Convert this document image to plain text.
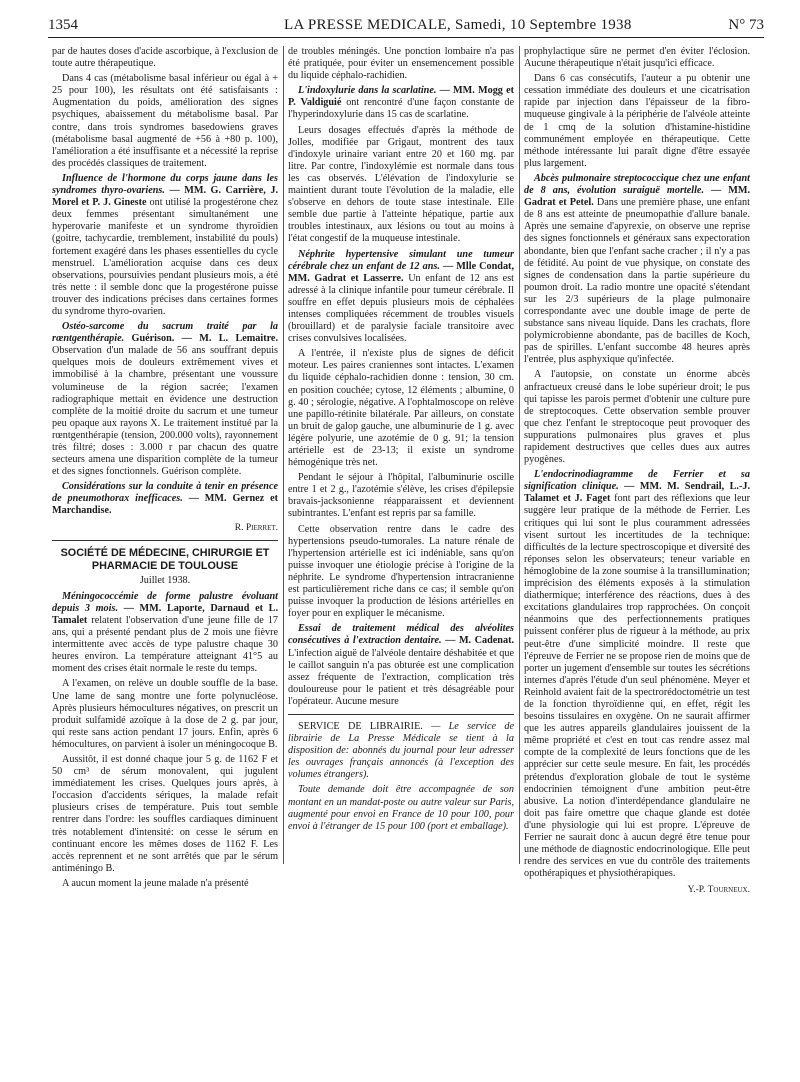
1354	LA PRESSE MEDICALE, Samedi, 10 Septembre 1938	N° 73

par de hautes doses d'acide ascorbique, à l'exclusion de toute autre thérapeutique.

Dans 4 cas (métabolisme basal inférieur ou égal à + 25 pour 100), les résultats ont été satisfaisants : Augmentation du poids, amélioration des signes psychiques, abaissement du métabolisme basal. Par contre, dans trois syndromes basedowiens graves (métabolisme basal augmenté de +56 à +80 p. 100), l'amélioration a été insuffisante et a nécessité la reprise des procédés classiques de traitement.

Influence de l'hormone du corps jaune dans les syndromes thyro-ovariens. — MM. G. Carrière, J. Morel et P. J. Gineste ont utilisé la progestérone chez deux femmes présentant simultanément une hyperovarie manifeste et un syndrome thyroïdien (goitre, tachycardie, tremblement, instabilité du pouls) fortement exagéré dans les phases essentielles du cycle menstruel. L'amélioration acquise dans ces deux observations, poursuivies pendant plusieurs mois, a été très nette : il semble donc que la progestérone puisse trouver des indications précises dans certaines formes du syndrome thyro-ovarien.

Ostéo-sarcome du sacrum traité par la rœntgenthérapie. Guérison. — M. L. Lemaitre. Observation d'un malade de 56 ans souffrant depuis quelques mois de douleurs extrêmement vives et immobilisé à la chambre, présentant une voussure volumineuse de la région sacrée; l'examen radiographique mettait en évidence une destruction complète de la moitié droite du sacrum et une tumeur peu opaque aux rayons X. Le traitement institué par la rœntgenthérapie (tension, 200.000 volts), rayonnement très filtré; doses : 3.000 r par chacun des quatre secteurs amena une disparition complète de la tumeur et des signes fonctionnels. Guérison complète.

Considérations sur la conduite à tenir en présence de pneumothorax inefficaces. — MM. Gernez et Marchandise.

R. Pierret.

SOCIÉTÉ DE MÉDECINE, CHIRURGIE ET PHARMACIE DE TOULOUSE

Juillet 1938.

Méningococcémie de forme palustre évoluant depuis 3 mois. — MM. Laporte, Darnaud et L. Tamalet relatent l'observation d'une jeune fille de 17 ans, qui a présenté pendant plus de 2 mois une fièvre intermittente avec accès de type palustre chaque 30 heures environ. La température atteignant 41°5 au moment des crises était normale le reste du temps.

A l'examen, on relève un double souffle de la base. Une lame de sang montre une forte polynucléose. Après plusieurs hémocultures négatives, on prescrit un produit sulfamidé azoïque à la dose de 2 g. par jour, qui reste sans action pendant 17 jours. Enfin, après 6 hémocultures, on parvient à isoler un méningocoque B.

Aussitôt, il est donné chaque jour 5 g. de 1162 F et 50 cm³ de sérum monovalent, qui jugulent immédiatement les crises. Quelques jours après, à l'occasion d'accidents sériques, la malade refait plusieurs crises de température. Puis tout semble rentrer dans l'ordre: les souffles cardiaques diminuent très notablement d'intensité: on cesse le sérum en continuant encore les mêmes doses de 1162 F. Les accès reprennent et ne sont arrêtés que par le sérum antiméningo B.

A aucun moment la jeune malade n'a présenté

de troubles méningés. Une ponction lombaire n'a pas été pratiquée, pour éviter un ensemencement possible du liquide céphalo-rachidien.

L'indoxylurie dans la scarlatine. — MM. Mogg et P. Valdiguié ont rencontré d'une façon constante de l'hyperindoxylurie dans 15 cas de scarlatine.

Leurs dosages effectués d'après la méthode de Jolles, modifiée par Grigaut, montrent des taux d'indoxyle urinaire variant entre 20 et 160 mg. par litre. Par contre, l'indoxylémie est normale dans tous les cas observés. L'élévation de l'indoxylurie se maintient durant toute l'évolution de la maladie, elle s'observe en dehors de toute stase intestinale. Elle semble due partie à l'atteinte hépatique, partie aux troubles intestinaux, aux lésions ou tout au moins à l'état congestif de la muqueuse intestinale.

Néphrite hypertensive simulant une tumeur cérébrale chez un enfant de 12 ans. — Mlle Condat, MM. Gadrat et Lasserre. Un enfant de 12 ans est adressé à la clinique infantile pour tumeur cérébrale. Il souffre en effet depuis plusieurs mois de céphalées intenses compliquées récemment de troubles visuels (brouillard) et de paralysie faciale transitoire avec crises convulsives localisées.

A l'entrée, il n'existe plus de signes de déficit moteur. Les paires craniennes sont intactes. L'examen du liquide céphalo-rachidien donne : tension, 30 cm. en position couchée; cytose, 12 éléments ; albumine, 0 g. 40 ; sérologie, négative. A l'ophtalmoscope on relève une papillo-rétinite bilatérale. Par ailleurs, on constate un bruit de galop gauche, une albuminurie de 1 g. avec légère polyurie, une azotémie de 0 g. 91; la tension artérielle est de 23-13; il existe un syndrome hémogénique très net.

Pendant le séjour à l'hôpital, l'albuminurie oscille entre 1 et 2 g., l'azotémie s'élève, les crises d'épilepsie bravais-jacksonienne réapparaissent et deviennent subintrantes. L'enfant est repris par sa famille.

Cette observation rentre dans le cadre des hypertensions pseudo-tumorales. La nature rénale de l'hypertension artérielle est ici indéniable, sans qu'on puisse invoquer une étiologie précise à l'origine de la néphrite. Le syndrome d'hypertension intracranienne est particulièrement riche dans ce cas; il semble qu'on puisse invoquer la production de lésions artérielles en foyer pour en expliquer le mécanisme.

Essai de traitement médical des alvéolites consécutives à l'extraction dentaire. — M. Cadenat. L'infection aiguë de l'alvéole dentaire déshabitée et que le caillot sanguin n'a pas obturée est une complication assez fréquente de l'extraction, complication très douloureuse pour le patient et très désagréable pour l'opérateur. Aucune mesure

SERVICE DE LIBRAIRIE. — Le service de librairie de La Presse Médicale se tient à la disposition de: abonnés du journal pour leur adresser les ouvrages français annoncés (à l'exception des volumes étrangers).

Toute demande doit être accompagnée de son montant en un mandat-poste ou autre valeur sur Paris, augmenté pour envoi en France de 10 pour 100, pour envoi à l'étranger de 15 pour 100 (port et emballage).

prophylactique sûre ne permet d'en éviter l'éclosion. Aucune thérapeutique n'était jusqu'ici efficace.

Dans 6 cas consécutifs, l'auteur a pu obtenir une cessation immédiate des douleurs et une cicatrisation rapide par injection dans l'épaisseur de la fibro-muqueuse gingivale à la périphérie de l'alvéole atteinte de 1 cmq de la solution d'histamine-histidine communément employée en thérapeutique. Cette méthode intéressante lui paraît digne d'être essayée plus largement.

Abcès pulmonaire streptococcique chez une enfant de 8 ans, évolution suraiguë mortelle. — MM. Gadrat et Petel. Dans une première phase, une enfant de 8 ans est atteinte de pneumopathie d'allure banale. Après une semaine d'apyrexie, on observe une reprise des signes fonctionnels et généraux sans expectoration abondante, bien que l'enfant sache cracher ; il n'y a pas de fétidité. Au point de vue physique, on constate des signes de condensation dans la partie supérieure du poumon droit. La radio montre une opacité s'étendant sur les 2/3 supérieurs de la plage pulmonaire correspondante avec une double image de perte de substance sans niveau liquide. Dans les crachats, flore polymicrobienne abondante, pas de bacilles de Koch, pas de spirilles. L'enfant succombe 48 heures après l'entrée, plus asphyxique qu'infectée.

A l'autopsie, on constate un énorme abcès anfractueux creusé dans le lobe supérieur droit; le pus qui tapisse les parois permet d'obtenir une culture pure de streptocoques. Cette observation semble prouver que chez l'enfant le streptocoque peut provoquer des suppurations pulmonaires plus graves et plus rapidement destructives que celles dues aux autres pyogènes.

L'endocrinodiagramme de Ferrier et sa signification clinique. — MM. M. Sendrail, L.-J. Talamet et J. Faget font part des réflexions que leur suggère leur pratique de la méthode de Ferrier. Les critiques qui lui sont le plus couramment adressées visent surtout les incertitudes de la technique: difficultés de la lecture spectroscopique et diversité des réponses selon les observateurs; teneur variable en hémoglobine de la zone soumise à la transillumination; imprécision des éléments exposés à la stimulation diathermique; interférence des réactions, dues à des excitations glandulaires trop rapprochées. On conçoit néanmoins que des perfectionnements pratiques puissent conférer plus de rigueur à la méthode, au prix peut-être d'une simplicité moindre. Il reste que l'épreuve de Ferrier ne se propose rien de moins que de porter un jugement d'ensemble sur toutes les sécrétions internes d'après l'étude d'un seul phénomène. Meyer et Reinhold avaient fait de la spectrorédoctométrie un test de la fonction thyroïdienne qui, en effet, régit les besoins tissulaires en oxygène. On ne saurait affirmer que les autres appareils glandulaires jouissent de la même propriété et c'est en tout cas rendre assez mal compte de la complexité de leurs fonctions que de les apprécier sur cette seule mesure. En fait, les procédés prétendus d'exploration globale de tout le système endocrinien témoignent d'une ambition peut-être abusive. La notion d'interdépendance glandulaire ne doit pas faire omettre que chaque glande est dotée d'une physiologie qui lui est propre. L'épreuve de Ferrier ne saurait donc à aucun degré être tenue pour une méthode de diagnostic endocrinologique. Elle peut rendre des services en vue du contrôle des traitements opothérapiques et physiothérapiques.

Y.-P. Tourneux.
